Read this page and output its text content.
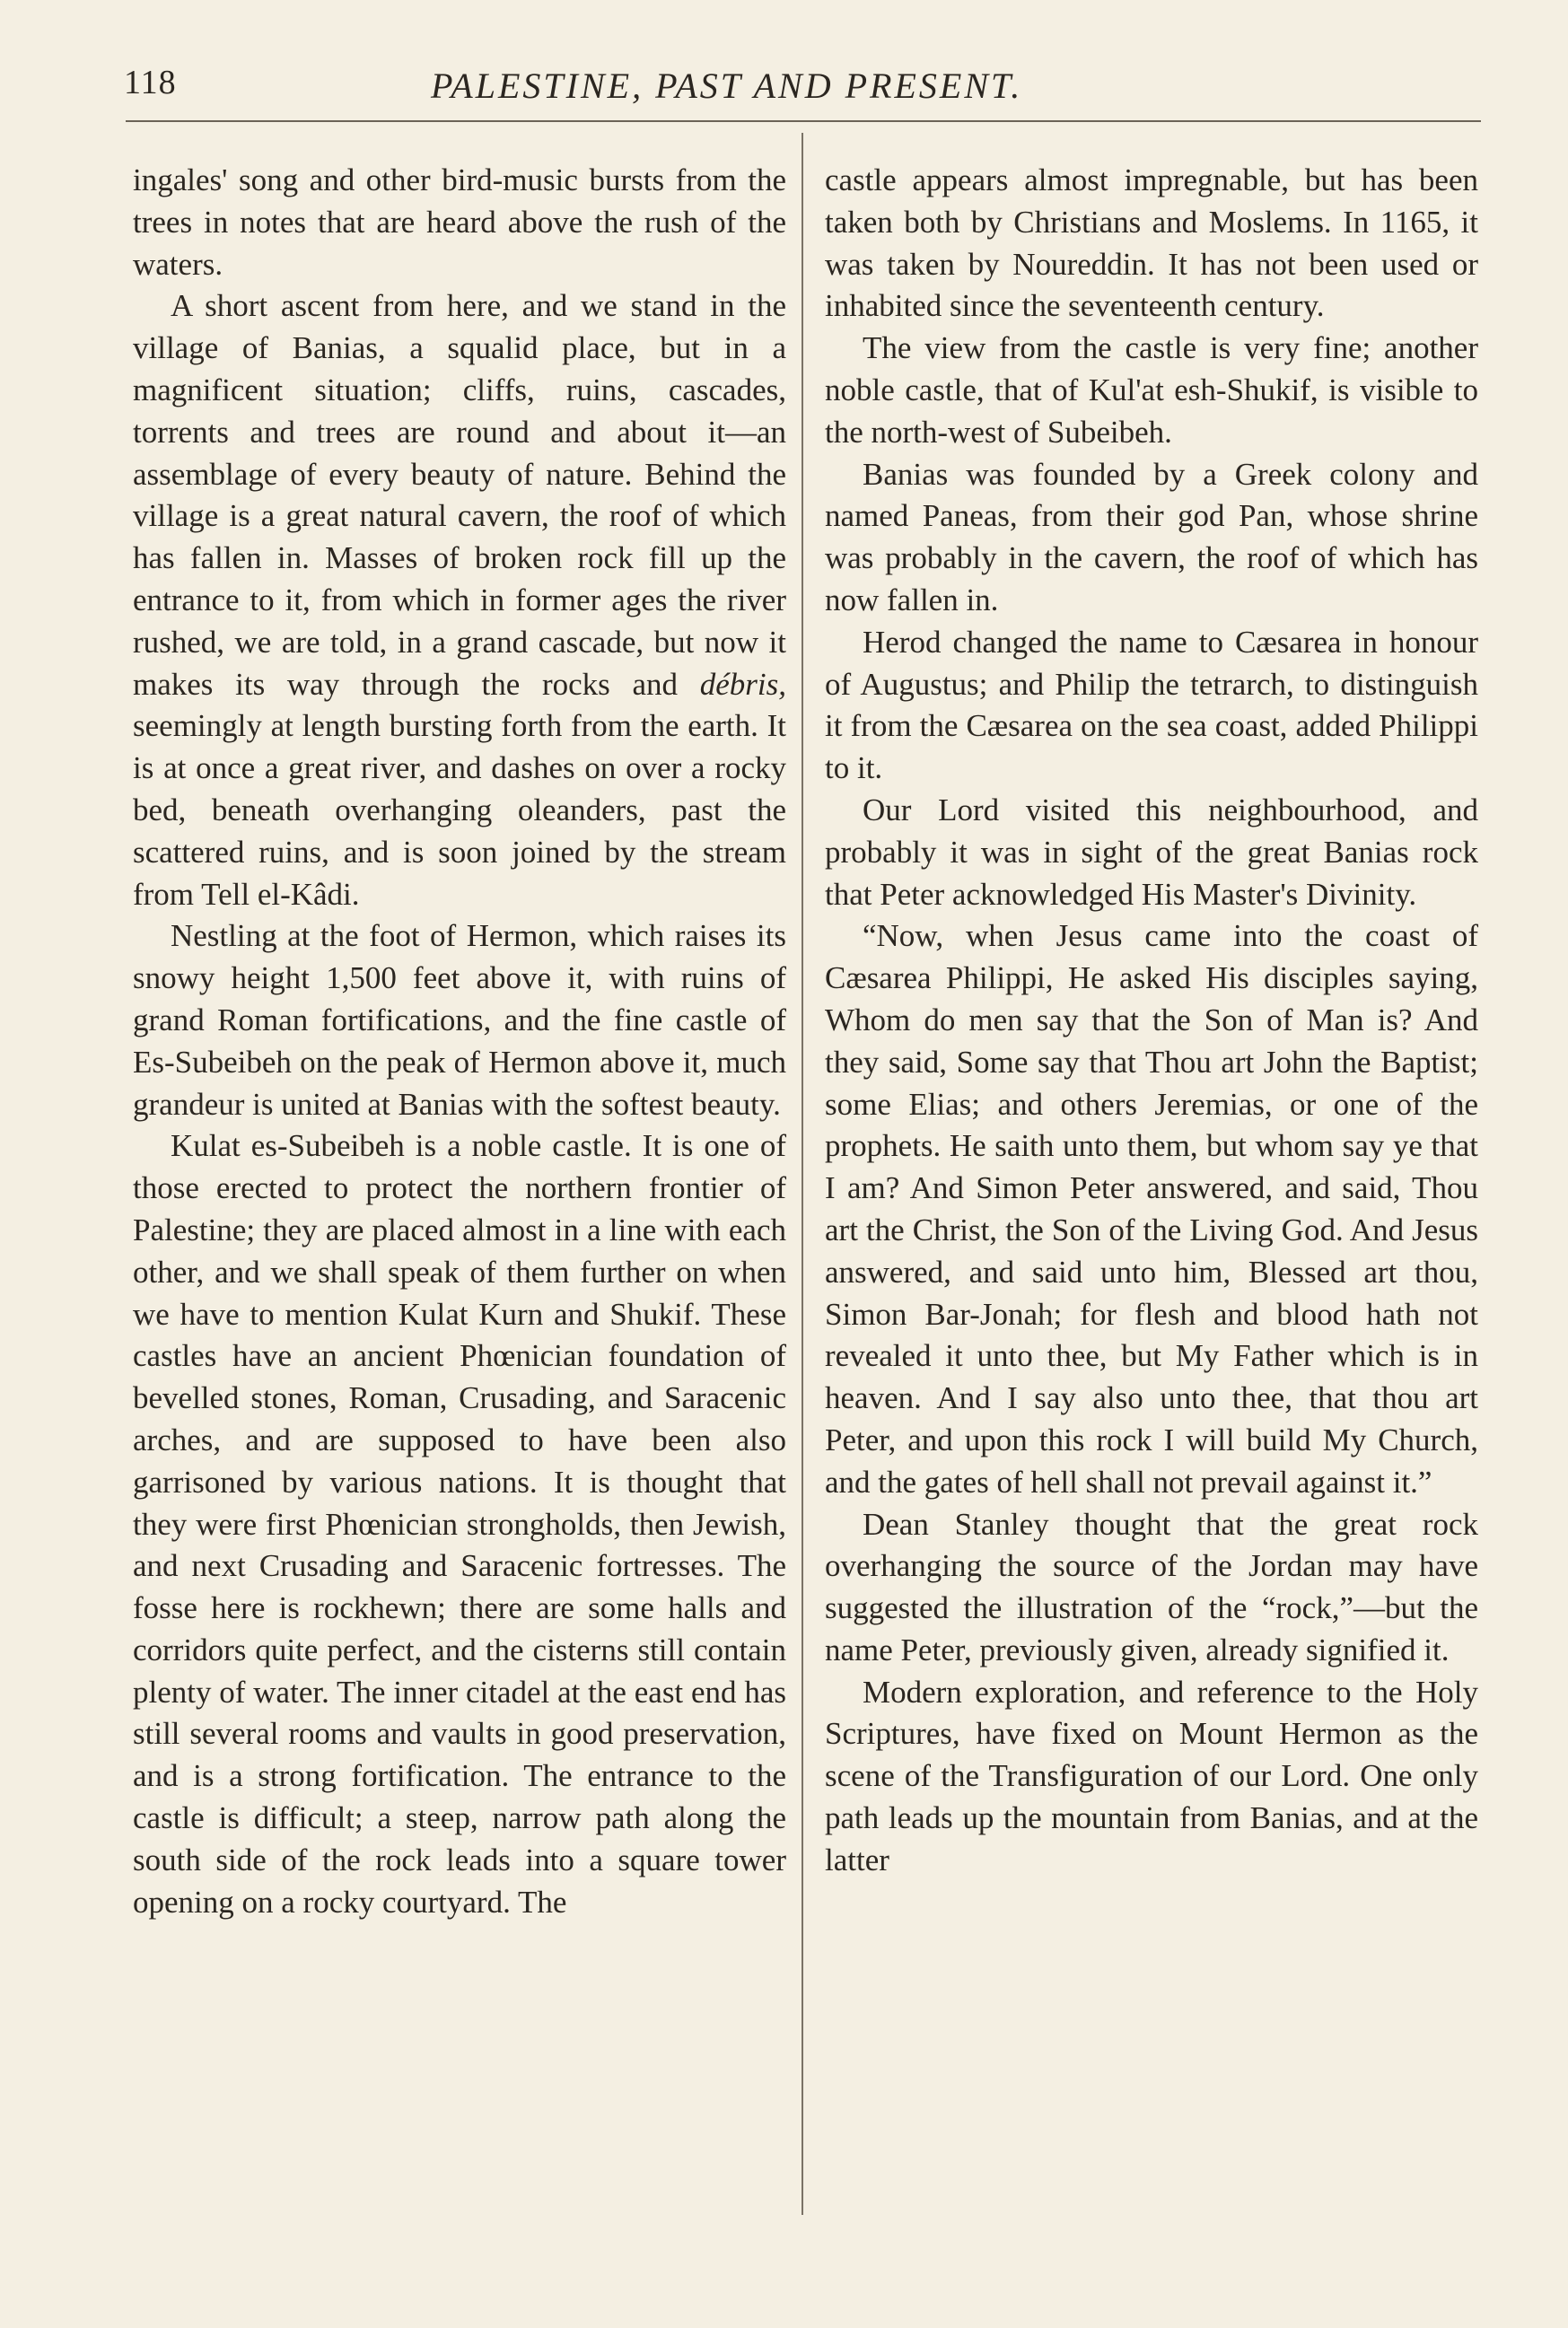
118	PALESTINE, PAST AND PRESENT.

ingales' song and other bird-music bursts from the trees in notes that are heard above the rush of the waters.

A short ascent from here, and we stand in the village of Banias, a squalid place, but in a magnificent situation; cliffs, ruins, cascades, torrents and trees are round and about it—an assemblage of every beauty of nature. Behind the village is a great natural cavern, the roof of which has fallen in. Masses of broken rock fill up the entrance to it, from which in former ages the river rushed, we are told, in a grand cascade, but now it makes its way through the rocks and débris, seemingly at length bursting forth from the earth. It is at once a great river, and dashes on over a rocky bed, beneath overhanging oleanders, past the scattered ruins, and is soon joined by the stream from Tell el-Kâdi.

Nestling at the foot of Hermon, which raises its snowy height 1,500 feet above it, with ruins of grand Roman fortifications, and the fine castle of Es-Subeibeh on the peak of Hermon above it, much grandeur is united at Banias with the softest beauty.

Kulat es-Subeibeh is a noble castle. It is one of those erected to protect the northern frontier of Palestine; they are placed almost in a line with each other, and we shall speak of them further on when we have to mention Kulat Kurn and Shukif. These castles have an ancient Phœnician foundation of bevelled stones, Roman, Crusading, and Saracenic arches, and are supposed to have been also garrisoned by various nations. It is thought that they were first Phœnician strongholds, then Jewish, and next Crusading and Saracenic fortresses. The fosse here is rockhewn; there are some halls and corridors quite perfect, and the cisterns still contain plenty of water. The inner citadel at the east end has still several rooms and vaults in good preservation, and is a strong fortification. The entrance to the castle is difficult; a steep, narrow path along the south side of the rock leads into a square tower opening on a rocky courtyard. The

castle appears almost impregnable, but has been taken both by Christians and Moslems. In 1165, it was taken by Noureddin. It has not been used or inhabited since the seventeenth century.

The view from the castle is very fine; another noble castle, that of Kul'at esh-Shukif, is visible to the north-west of Subeibeh.

Banias was founded by a Greek colony and named Paneas, from their god Pan, whose shrine was probably in the cavern, the roof of which has now fallen in.

Herod changed the name to Cæsarea in honour of Augustus; and Philip the tetrarch, to distinguish it from the Cæsarea on the sea coast, added Philippi to it.

Our Lord visited this neighbourhood, and probably it was in sight of the great Banias rock that Peter acknowledged His Master's Divinity.

“Now, when Jesus came into the coast of Cæsarea Philippi, He asked His disciples saying, Whom do men say that the Son of Man is? And they said, Some say that Thou art John the Baptist; some Elias; and others Jeremias, or one of the prophets. He saith unto them, but whom say ye that I am? And Simon Peter answered, and said, Thou art the Christ, the Son of the Living God. And Jesus answered, and said unto him, Blessed art thou, Simon Bar-Jonah; for flesh and blood hath not revealed it unto thee, but My Father which is in heaven. And I say also unto thee, that thou art Peter, and upon this rock I will build My Church, and the gates of hell shall not prevail against it.”

Dean Stanley thought that the great rock overhanging the source of the Jordan may have suggested the illustration of the “rock,”—but the name Peter, previously given, already signified it.

Modern exploration, and reference to the Holy Scriptures, have fixed on Mount Hermon as the scene of the Transfiguration of our Lord. One only path leads up the mountain from Banias, and at the latter
